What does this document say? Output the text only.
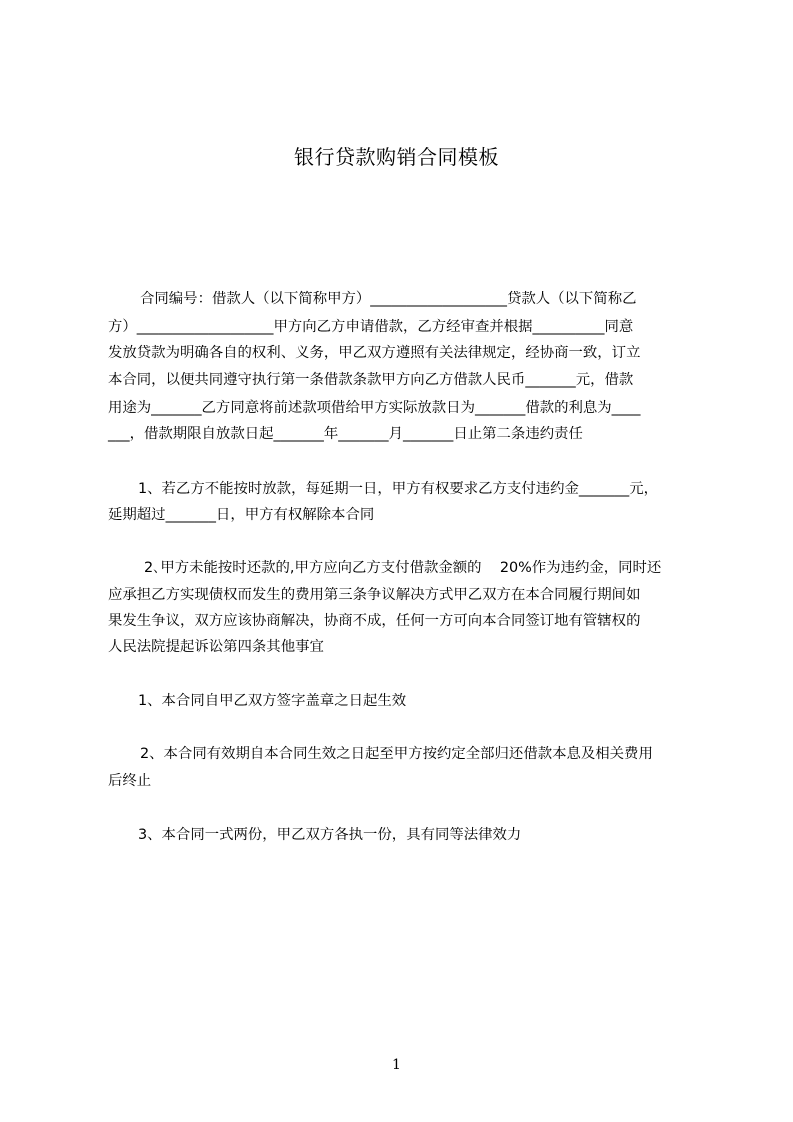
银行贷款购销合同模板
合同编号：借款人（以下简称甲方）___________________贷款人（以下简称乙
方）___________________甲方向乙方申请借款，乙方经审查并根据__________同意
发放贷款为明确各自的权利、义务，甲乙双方遵照有关法律规定，经协商一致，订立
本合同，以便共同遵守执行第一条借款条款甲方向乙方借款人民币_______元，借款
用途为_______乙方同意将前述款项借给甲方实际放款日为_______借款的利息为____
___，借款期限自放款日起_______年_______月_______日止第二条违约责任
1、若乙方不能按时放款，每延期一日，甲方有权要求乙方支付违约金_______元，
延期超过_______日，甲方有权解除本合同
2､甲方未能按时还款的,甲方应向乙方支付借款金额的    20%作为违约金，同时还
应承担乙方实现债权而发生的费用第三条争议解决方式甲乙双方在本合同履行期间如
果发生争议，双方应该协商解决，协商不成，任何一方可向本合同签订地有管辖权的
人民法院提起诉讼第四条其他事宜
1、本合同自甲乙双方签字盖章之日起生效
2、本合同有效期自本合同生效之日起至甲方按约定全部归还借款本息及相关费用
后终止
3、本合同一式两份，甲乙双方各执一份，具有同等法律效力
1
